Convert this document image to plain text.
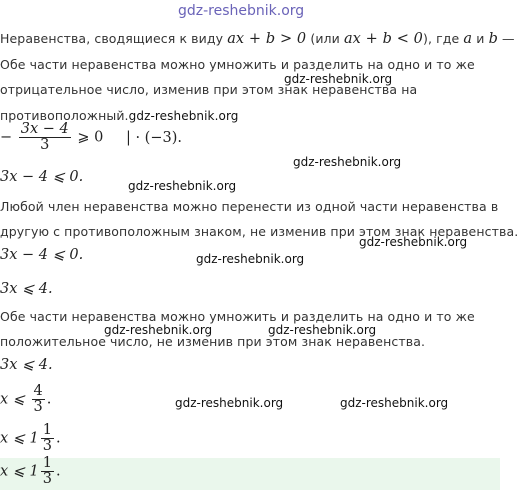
gdz-reshebnik.org
Неравенства, сводящиеся к виду ax + b > 0 (или ax + b < 0), где a и b —
Обе части неравенства можно умножить и разделить на одно и то же
gdz-reshebnik.org
отрицательное число, изменив при этом знак неравенства на
противоположный.gdz-reshebnik.org
− $\frac{3x - 4}{3}$ ⩾ 0 | · (−3).
gdz-reshebnik.org
3x − 4 ⩽ 0.
gdz-reshebnik.org
Любой член неравенства можно перенести из одной части неравенства в
другую с противоположным знаком, не изменив при этом знак неравенства.
gdz-reshebnik.org
3x − 4 ⩽ 0.	gdz-reshebnik.org
3x ⩽ 4.
Обе части неравенства можно умножить и разделить на одно и то же
gdz-reshebnik.org	gdz-reshebnik.org
положительное число, не изменив при этом знак неравенства.
3x ⩽ 4.
x ⩽ $\frac{4}{3}$ .	gdz-reshebnik.org	gdz-reshebnik.org
x ⩽ $1 \frac{1}{3}$ .
x ⩽ $1 \frac{1}{3}$ .
